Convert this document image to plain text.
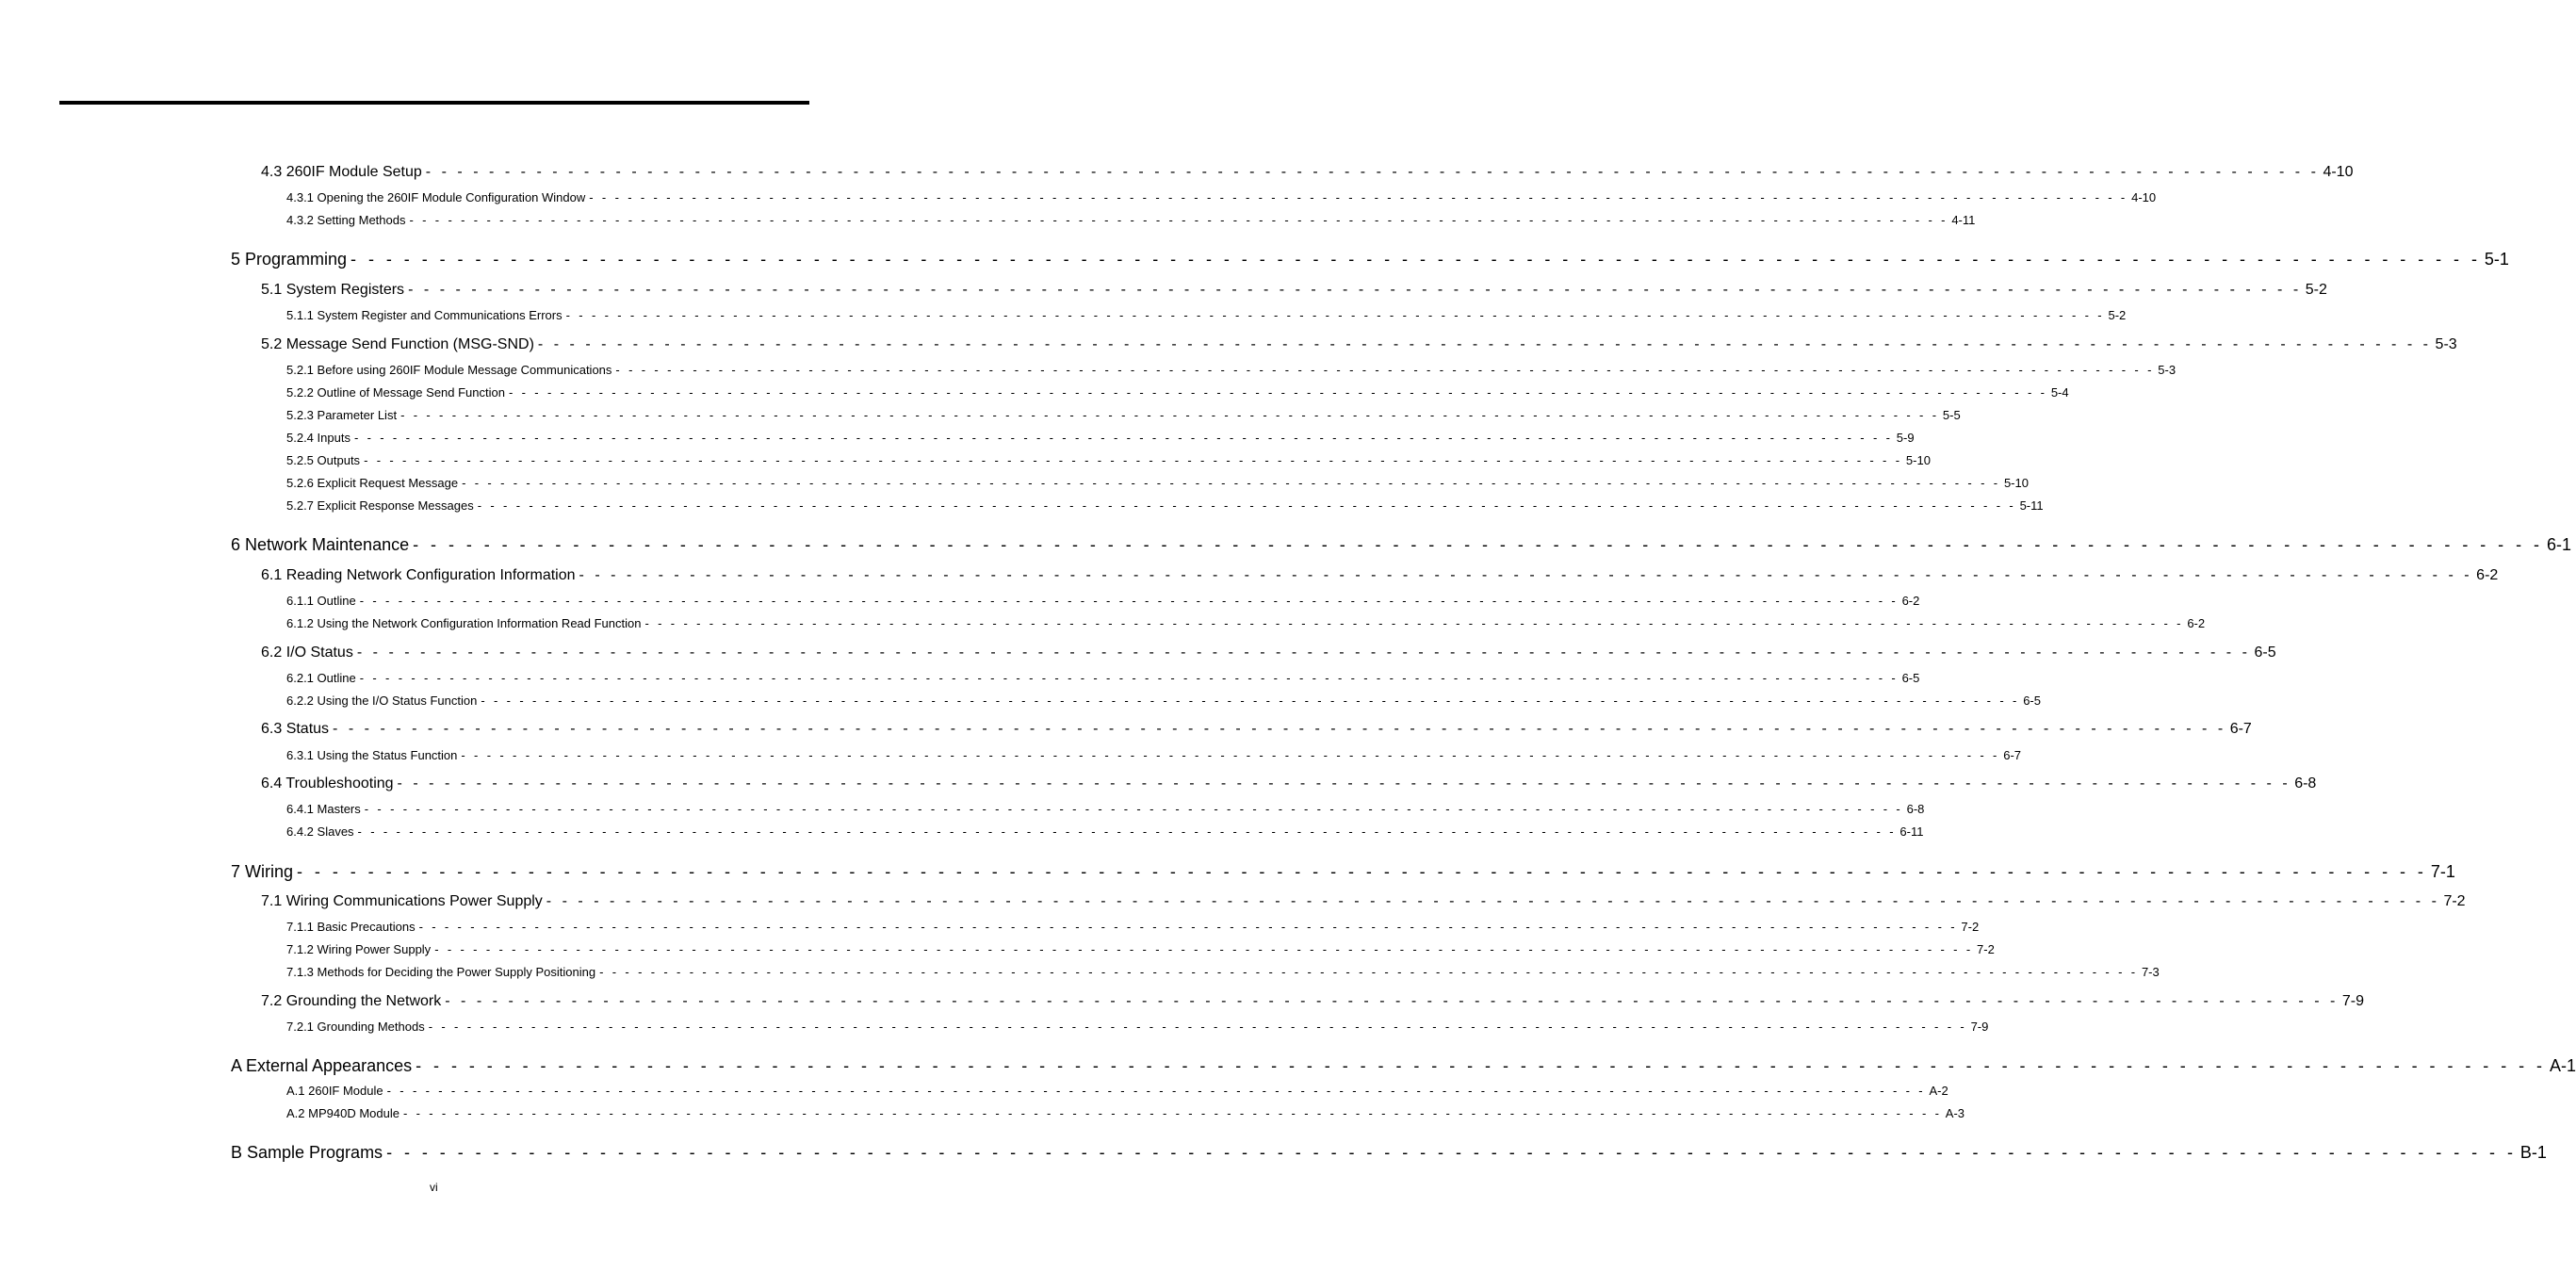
4.3 260IF Module Setup - - - - - - - - - - - - - - - - - - - - - - - - - - - - - - - - - - - - - - - - - - - - - - - - - - - - - - - - - - - - - - - - - - - - - - - - - - - - - - - - - - - - - - - - - - - - - - - - - - - - - - - - - - - - - - - - - - - - - - - - 4-10
4.3.1 Opening the 260IF Module Configuration Window - - - - - - - - - - - - - - - - - - - - - - - - - - - - - - - - - - - - - - - - - - - - - - - - - - - - - - - - - - - - - - - - - - - - - - - - - - - - - - - - - - - - - - - - - - - - - - - - - - - - - - - - - - - - - - - - - - - - - - - - 4-10
4.3.2 Setting Methods - - - - - - - - - - - - - - - - - - - - - - - - - - - - - - - - - - - - - - - - - - - - - - - - - - - - - - - - - - - - - - - - - - - - - - - - - - - - - - - - - - - - - - - - - - - - - - - - - - - - - - - - - - - - - - - - - - - - - - - - 4-11
5 Programming - - - - - - - - - - - - - - - - - - - - - - - - - - - - - - - - - - - - - - - - - - - - - - - - - - - - - - - - - - - - - - - - - - - - - - - - - - - - - - - - - - - - - - - - - - - - - - - - - - - - - - - - - - - - - - - - - - - - - - - - 5-1
5.1 System Registers - - - - - - - - - - - - - - - - - - - - - - - - - - - - - - - - - - - - - - - - - - - - - - - - - - - - - - - - - - - - - - - - - - - - - - - - - - - - - - - - - - - - - - - - - - - - - - - - - - - - - - - - - - - - - - - - - - - - - - - - 5-2
5.1.1 System Register and Communications Errors - - - - - - - - - - - - - - - - - - - - - - - - - - - - - - - - - - - - - - - - - - - - - - - - - - - - - - - - - - - - - - - - - - - - - - - - - - - - - - - - - - - - - - - - - - - - - - - - - - - - - - - - - - - - - - - - - - - - - - - - 5-2
5.2 Message Send Function (MSG-SND) - - - - - - - - - - - - - - - - - - - - - - - - - - - - - - - - - - - - - - - - - - - - - - - - - - - - - - - - - - - - - - - - - - - - - - - - - - - - - - - - - - - - - - - - - - - - - - - - - - - - - - - - - - - - - - - - - - - - - - - - 5-3
5.2.1 Before using 260IF Module Message Communications - - - - - - - - - - - - - - - - - - - - - - - - - - - - - - - - - - - - - - - - - - - - - - - - - - - - - - - - - - - - - - - - - - - - - - - - - - - - - - - - - - - - - - - - - - - - - - - - - - - - - - - - - - - - - - - - - - - - - - - - 5-3
5.2.2 Outline of Message Send Function - - - - - - - - - - - - - - - - - - - - - - - - - - - - - - - - - - - - - - - - - - - - - - - - - - - - - - - - - - - - - - - - - - - - - - - - - - - - - - - - - - - - - - - - - - - - - - - - - - - - - - - - - - - - - - - - - - - - - - - - 5-4
5.2.3 Parameter List - - - - - - - - - - - - - - - - - - - - - - - - - - - - - - - - - - - - - - - - - - - - - - - - - - - - - - - - - - - - - - - - - - - - - - - - - - - - - - - - - - - - - - - - - - - - - - - - - - - - - - - - - - - - - - - - - - - - - - - - 5-5
5.2.4 Inputs - - - - - - - - - - - - - - - - - - - - - - - - - - - - - - - - - - - - - - - - - - - - - - - - - - - - - - - - - - - - - - - - - - - - - - - - - - - - - - - - - - - - - - - - - - - - - - - - - - - - - - - - - - - - - - - - - - - - - - - - 5-9
5.2.5 Outputs - - - - - - - - - - - - - - - - - - - - - - - - - - - - - - - - - - - - - - - - - - - - - - - - - - - - - - - - - - - - - - - - - - - - - - - - - - - - - - - - - - - - - - - - - - - - - - - - - - - - - - - - - - - - - - - - - - - - - - - - 5-10
5.2.6 Explicit Request Message - - - - - - - - - - - - - - - - - - - - - - - - - - - - - - - - - - - - - - - - - - - - - - - - - - - - - - - - - - - - - - - - - - - - - - - - - - - - - - - - - - - - - - - - - - - - - - - - - - - - - - - - - - - - - - - - - - - - - - - - 5-10
5.2.7 Explicit Response Messages - - - - - - - - - - - - - - - - - - - - - - - - - - - - - - - - - - - - - - - - - - - - - - - - - - - - - - - - - - - - - - - - - - - - - - - - - - - - - - - - - - - - - - - - - - - - - - - - - - - - - - - - - - - - - - - - - - - - - - - - 5-11
6 Network Maintenance - - - - - - - - - - - - - - - - - - - - - - - - - - - - - - - - - - - - - - - - - - - - - - - - - - - - - - - - - - - - - - - - - - - - - - - - - - - - - - - - - - - - - - - - - - - - - - - - - - - - - - - - - - - - - - - - - - - - - - - - 6-1
6.1 Reading Network Configuration Information - - - - - - - - - - - - - - - - - - - - - - - - - - - - - - - - - - - - - - - - - - - - - - - - - - - - - - - - - - - - - - - - - - - - - - - - - - - - - - - - - - - - - - - - - - - - - - - - - - - - - - - - - - - - - - - - - - - - - - - - 6-2
6.1.1 Outline - - - - - - - - - - - - - - - - - - - - - - - - - - - - - - - - - - - - - - - - - - - - - - - - - - - - - - - - - - - - - - - - - - - - - - - - - - - - - - - - - - - - - - - - - - - - - - - - - - - - - - - - - - - - - - - - - - - - - - - - 6-2
6.1.2 Using the Network Configuration Information Read Function - - - - - - - - - - - - - - - - - - - - - - - - - - - - - - - - - - - - - - - - - - - - - - - - - - - - - - - - - - - - - - - - - - - - - - - - - - - - - - - - - - - - - - - - - - - - - - - - - - - - - - - - - - - - - - - - - - - - - - - - 6-2
6.2 I/O Status - - - - - - - - - - - - - - - - - - - - - - - - - - - - - - - - - - - - - - - - - - - - - - - - - - - - - - - - - - - - - - - - - - - - - - - - - - - - - - - - - - - - - - - - - - - - - - - - - - - - - - - - - - - - - - - - - - - - - - - - 6-5
6.2.1 Outline - - - - - - - - - - - - - - - - - - - - - - - - - - - - - - - - - - - - - - - - - - - - - - - - - - - - - - - - - - - - - - - - - - - - - - - - - - - - - - - - - - - - - - - - - - - - - - - - - - - - - - - - - - - - - - - - - - - - - - - - 6-5
6.2.2 Using the I/O Status Function - - - - - - - - - - - - - - - - - - - - - - - - - - - - - - - - - - - - - - - - - - - - - - - - - - - - - - - - - - - - - - - - - - - - - - - - - - - - - - - - - - - - - - - - - - - - - - - - - - - - - - - - - - - - - - - - - - - - - - - - 6-5
6.3 Status - - - - - - - - - - - - - - - - - - - - - - - - - - - - - - - - - - - - - - - - - - - - - - - - - - - - - - - - - - - - - - - - - - - - - - - - - - - - - - - - - - - - - - - - - - - - - - - - - - - - - - - - - - - - - - - - - - - - - - - - 6-7
6.3.1 Using the Status Function - - - - - - - - - - - - - - - - - - - - - - - - - - - - - - - - - - - - - - - - - - - - - - - - - - - - - - - - - - - - - - - - - - - - - - - - - - - - - - - - - - - - - - - - - - - - - - - - - - - - - - - - - - - - - - - - - - - - - - - - 6-7
6.4 Troubleshooting - - - - - - - - - - - - - - - - - - - - - - - - - - - - - - - - - - - - - - - - - - - - - - - - - - - - - - - - - - - - - - - - - - - - - - - - - - - - - - - - - - - - - - - - - - - - - - - - - - - - - - - - - - - - - - - - - - - - - - - - 6-8
6.4.1 Masters - - - - - - - - - - - - - - - - - - - - - - - - - - - - - - - - - - - - - - - - - - - - - - - - - - - - - - - - - - - - - - - - - - - - - - - - - - - - - - - - - - - - - - - - - - - - - - - - - - - - - - - - - - - - - - - - - - - - - - - - 6-8
6.4.2 Slaves - - - - - - - - - - - - - - - - - - - - - - - - - - - - - - - - - - - - - - - - - - - - - - - - - - - - - - - - - - - - - - - - - - - - - - - - - - - - - - - - - - - - - - - - - - - - - - - - - - - - - - - - - - - - - - - - - - - - - - - - 6-11
7 Wiring - - - - - - - - - - - - - - - - - - - - - - - - - - - - - - - - - - - - - - - - - - - - - - - - - - - - - - - - - - - - - - - - - - - - - - - - - - - - - - - - - - - - - - - - - - - - - - - - - - - - - - - - - - - - - - - - - - - - - - - - 7-1
7.1 Wiring Communications Power Supply - - - - - - - - - - - - - - - - - - - - - - - - - - - - - - - - - - - - - - - - - - - - - - - - - - - - - - - - - - - - - - - - - - - - - - - - - - - - - - - - - - - - - - - - - - - - - - - - - - - - - - - - - - - - - - - - - - - - - - - - 7-2
7.1.1 Basic Precautions - - - - - - - - - - - - - - - - - - - - - - - - - - - - - - - - - - - - - - - - - - - - - - - - - - - - - - - - - - - - - - - - - - - - - - - - - - - - - - - - - - - - - - - - - - - - - - - - - - - - - - - - - - - - - - - - - - - - - - - - 7-2
7.1.2 Wiring Power Supply - - - - - - - - - - - - - - - - - - - - - - - - - - - - - - - - - - - - - - - - - - - - - - - - - - - - - - - - - - - - - - - - - - - - - - - - - - - - - - - - - - - - - - - - - - - - - - - - - - - - - - - - - - - - - - - - - - - - - - - - 7-2
7.1.3 Methods for Deciding the Power Supply Positioning - - - - - - - - - - - - - - - - - - - - - - - - - - - - - - - - - - - - - - - - - - - - - - - - - - - - - - - - - - - - - - - - - - - - - - - - - - - - - - - - - - - - - - - - - - - - - - - - - - - - - - - - - - - - - - - - - - - - - - - - 7-3
7.2 Grounding the Network - - - - - - - - - - - - - - - - - - - - - - - - - - - - - - - - - - - - - - - - - - - - - - - - - - - - - - - - - - - - - - - - - - - - - - - - - - - - - - - - - - - - - - - - - - - - - - - - - - - - - - - - - - - - - - - - - - - - - - - - 7-9
7.2.1 Grounding Methods - - - - - - - - - - - - - - - - - - - - - - - - - - - - - - - - - - - - - - - - - - - - - - - - - - - - - - - - - - - - - - - - - - - - - - - - - - - - - - - - - - - - - - - - - - - - - - - - - - - - - - - - - - - - - - - - - - - - - - - - 7-9
A External Appearances - - - - - - - - - - - - - - - - - - - - - - - - - - - - - - - - - - - - - - - - - - - - - - - - - - - - - - - - - - - - - - - - - - - - - - - - - - - - - - - - - - - - - - - - - - - - - - - - - - - - - - - - - - - - - - - - - - - - - - - - A-1
A.1 260IF Module - - - - - - - - - - - - - - - - - - - - - - - - - - - - - - - - - - - - - - - - - - - - - - - - - - - - - - - - - - - - - - - - - - - - - - - - - - - - - - - - - - - - - - - - - - - - - - - - - - - - - - - - - - - - - - - - - - - - - - - - A-2
A.2 MP940D Module - - - - - - - - - - - - - - - - - - - - - - - - - - - - - - - - - - - - - - - - - - - - - - - - - - - - - - - - - - - - - - - - - - - - - - - - - - - - - - - - - - - - - - - - - - - - - - - - - - - - - - - - - - - - - - - - - - - - - - - - A-3
B Sample Programs - - - - - - - - - - - - - - - - - - - - - - - - - - - - - - - - - - - - - - - - - - - - - - - - - - - - - - - - - - - - - - - - - - - - - - - - - - - - - - - - - - - - - - - - - - - - - - - - - - - - - - - - - - - - - - - - - - - - - - - - B-1
vi
